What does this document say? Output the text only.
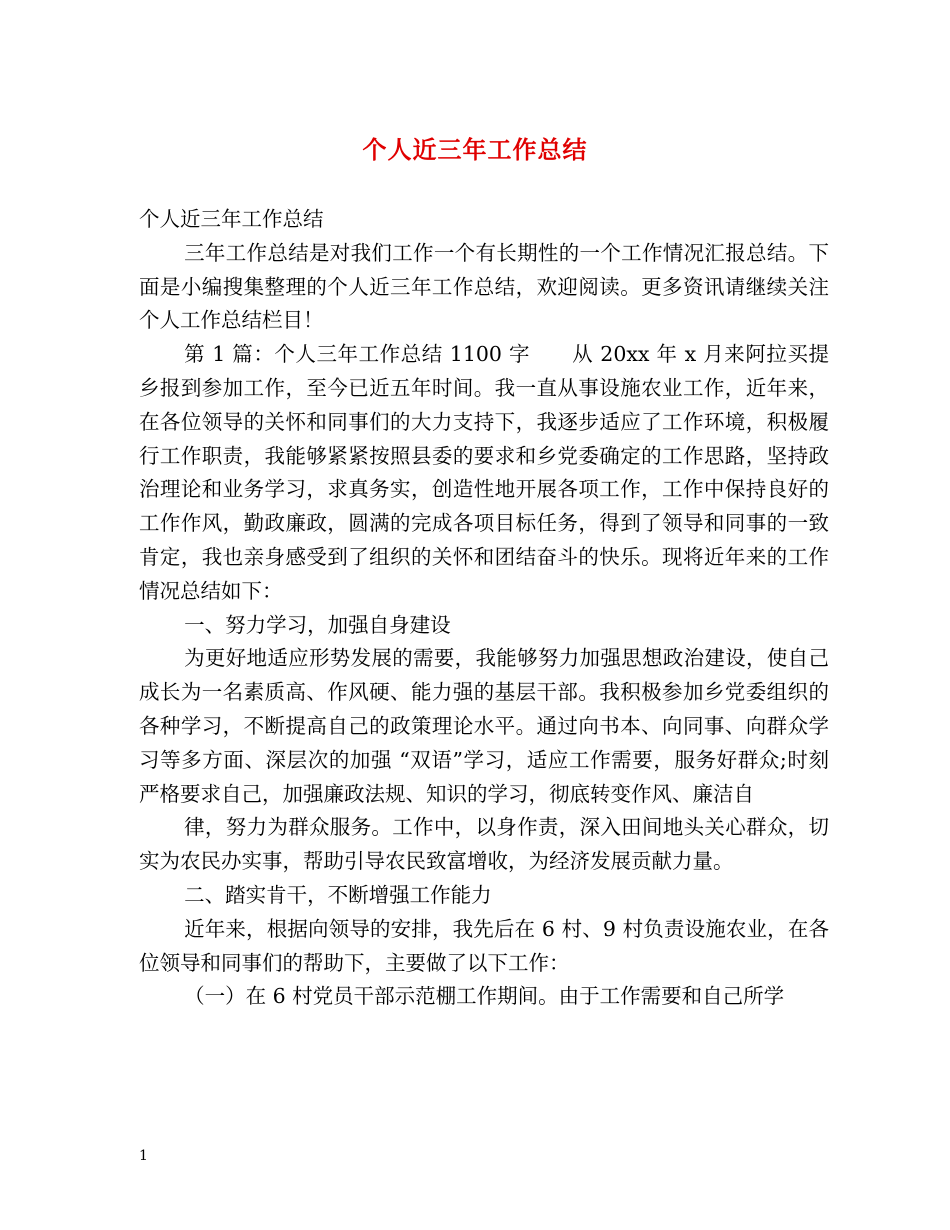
个人近三年工作总结

个人近三年工作总结

三年工作总结是对我们工作一个有长期性的一个工作情况汇报总结。下面是小编搜集整理的个人近三年工作总结，欢迎阅读。更多资讯请继续关注个人工作总结栏目！

第 1 篇：个人三年工作总结 1100 字　　从 20xx 年 x 月来阿拉买提乡报到参加工作，至今已近五年时间。我一直从事设施农业工作，近年来，在各位领导的关怀和同事们的大力支持下，我逐步适应了工作环境，积极履行工作职责，我能够紧紧按照县委的要求和乡党委确定的工作思路，坚持政治理论和业务学习，求真务实，创造性地开展各项工作，工作中保持良好的工作作风，勤政廉政，圆满的完成各项目标任务，得到了领导和同事的一致肯定，我也亲身感受到了组织的关怀和团结奋斗的快乐。现将近年来的工作情况总结如下：

一、努力学习，加强自身建设

为更好地适应形势发展的需要，我能够努力加强思想政治建设，使自己成长为一名素质高、作风硬、能力强的基层干部。我积极参加乡党委组织的各种学习，不断提高自己的政策理论水平。通过向书本、向同事、向群众学习等多方面、深层次的加强 “双语”学习，适应工作需要，服务好群众;时刻严格要求自己，加强廉政法规、知识的学习，彻底转变作风、廉洁自

律，努力为群众服务。工作中，以身作责，深入田间地头关心群众，切实为农民办实事，帮助引导农民致富增收，为经济发展贡献力量。

二、踏实肯干，不断增强工作能力

近年来，根据向领导的安排，我先后在 6 村、9 村负责设施农业，在各位领导和同事们的帮助下，主要做了以下工作：

（一）在 6 村党员干部示范棚工作期间。由于工作需要和自己所学

1
